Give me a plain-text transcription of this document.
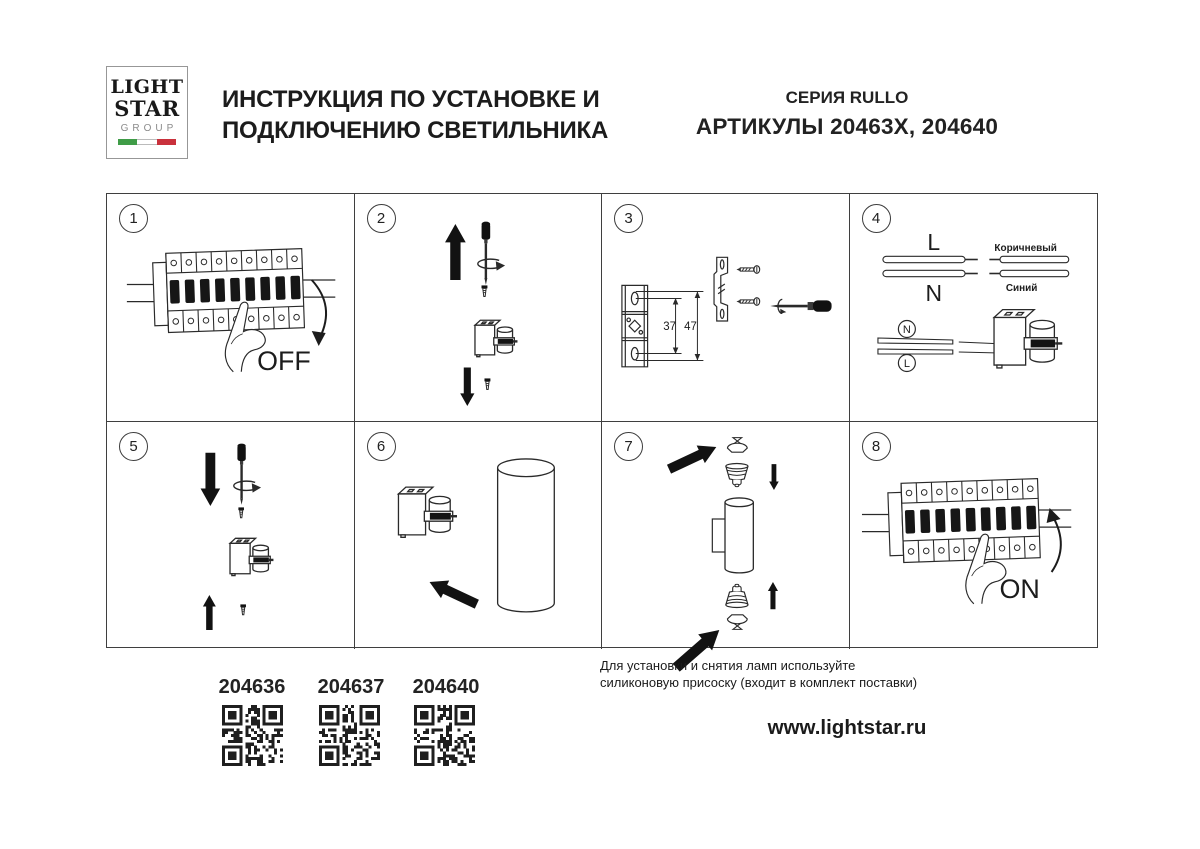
LIGHT
STAR
GROUP
ИНСТРУКЦИЯ ПО УСТАНОВКЕ И
ПОДКЛЮЧЕНИЮ СВЕТИЛЬНИКА
СЕРИЯ RULLO
АРТИКУЛЫ 20463X, 204640
1
OFF
2	3
37 47
4
L
N
Коричневый
Синий
N
L
5	6	7	8
ON
204636	204637	204640
Для установки и снятия ламп используйте
силиконовую присоску (входит в комплект поставки)
www.lightstar.ru
